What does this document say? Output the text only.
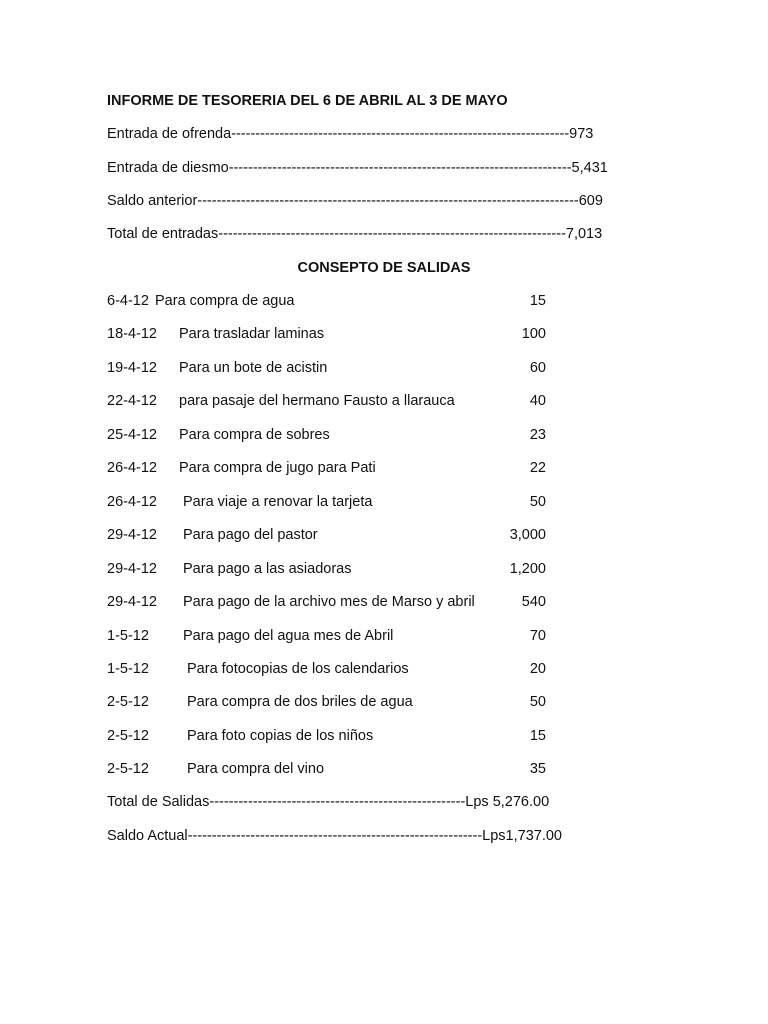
INFORME DE TESORERIA DEL 6 DE ABRIL AL 3 DE MAYO
Entrada de ofrenda----------------------------------------------------------------------973
Entrada de diesmo-----------------------------------------------------------------------5,431
Saldo anterior-------------------------------------------------------------------------------609
Total de entradas------------------------------------------------------------------------7,013
CONSEPTO DE SALIDAS
6-4-12 Para compra de agua	15
18-4-12 Para trasladar laminas	100
19-4-12 Para un bote de acistin	60
22-4-12 para pasaje del hermano Fausto a llarauca	40
25-4-12 Para compra de sobres	23
26-4-12 Para compra de jugo para Pati	22
26-4-12 Para viaje a renovar la tarjeta	50
29-4-12 Para pago del pastor	3,000
29-4-12 Para pago a las asiadoras	1,200
29-4-12 Para pago de la archivo mes de Marso y abril	540
1-5-12 Para pago del agua mes de Abril	70
1-5-12	Para fotocopias de los calendarios	20
2-5-12	Para compra de dos briles de agua	50
2-5-12	Para foto copias de los niños	15
2-5-12	Para compra del vino	35
Total de Salidas-----------------------------------------------------Lps 5,276.00
Saldo Actual-------------------------------------------------------------Lps1,737.00
